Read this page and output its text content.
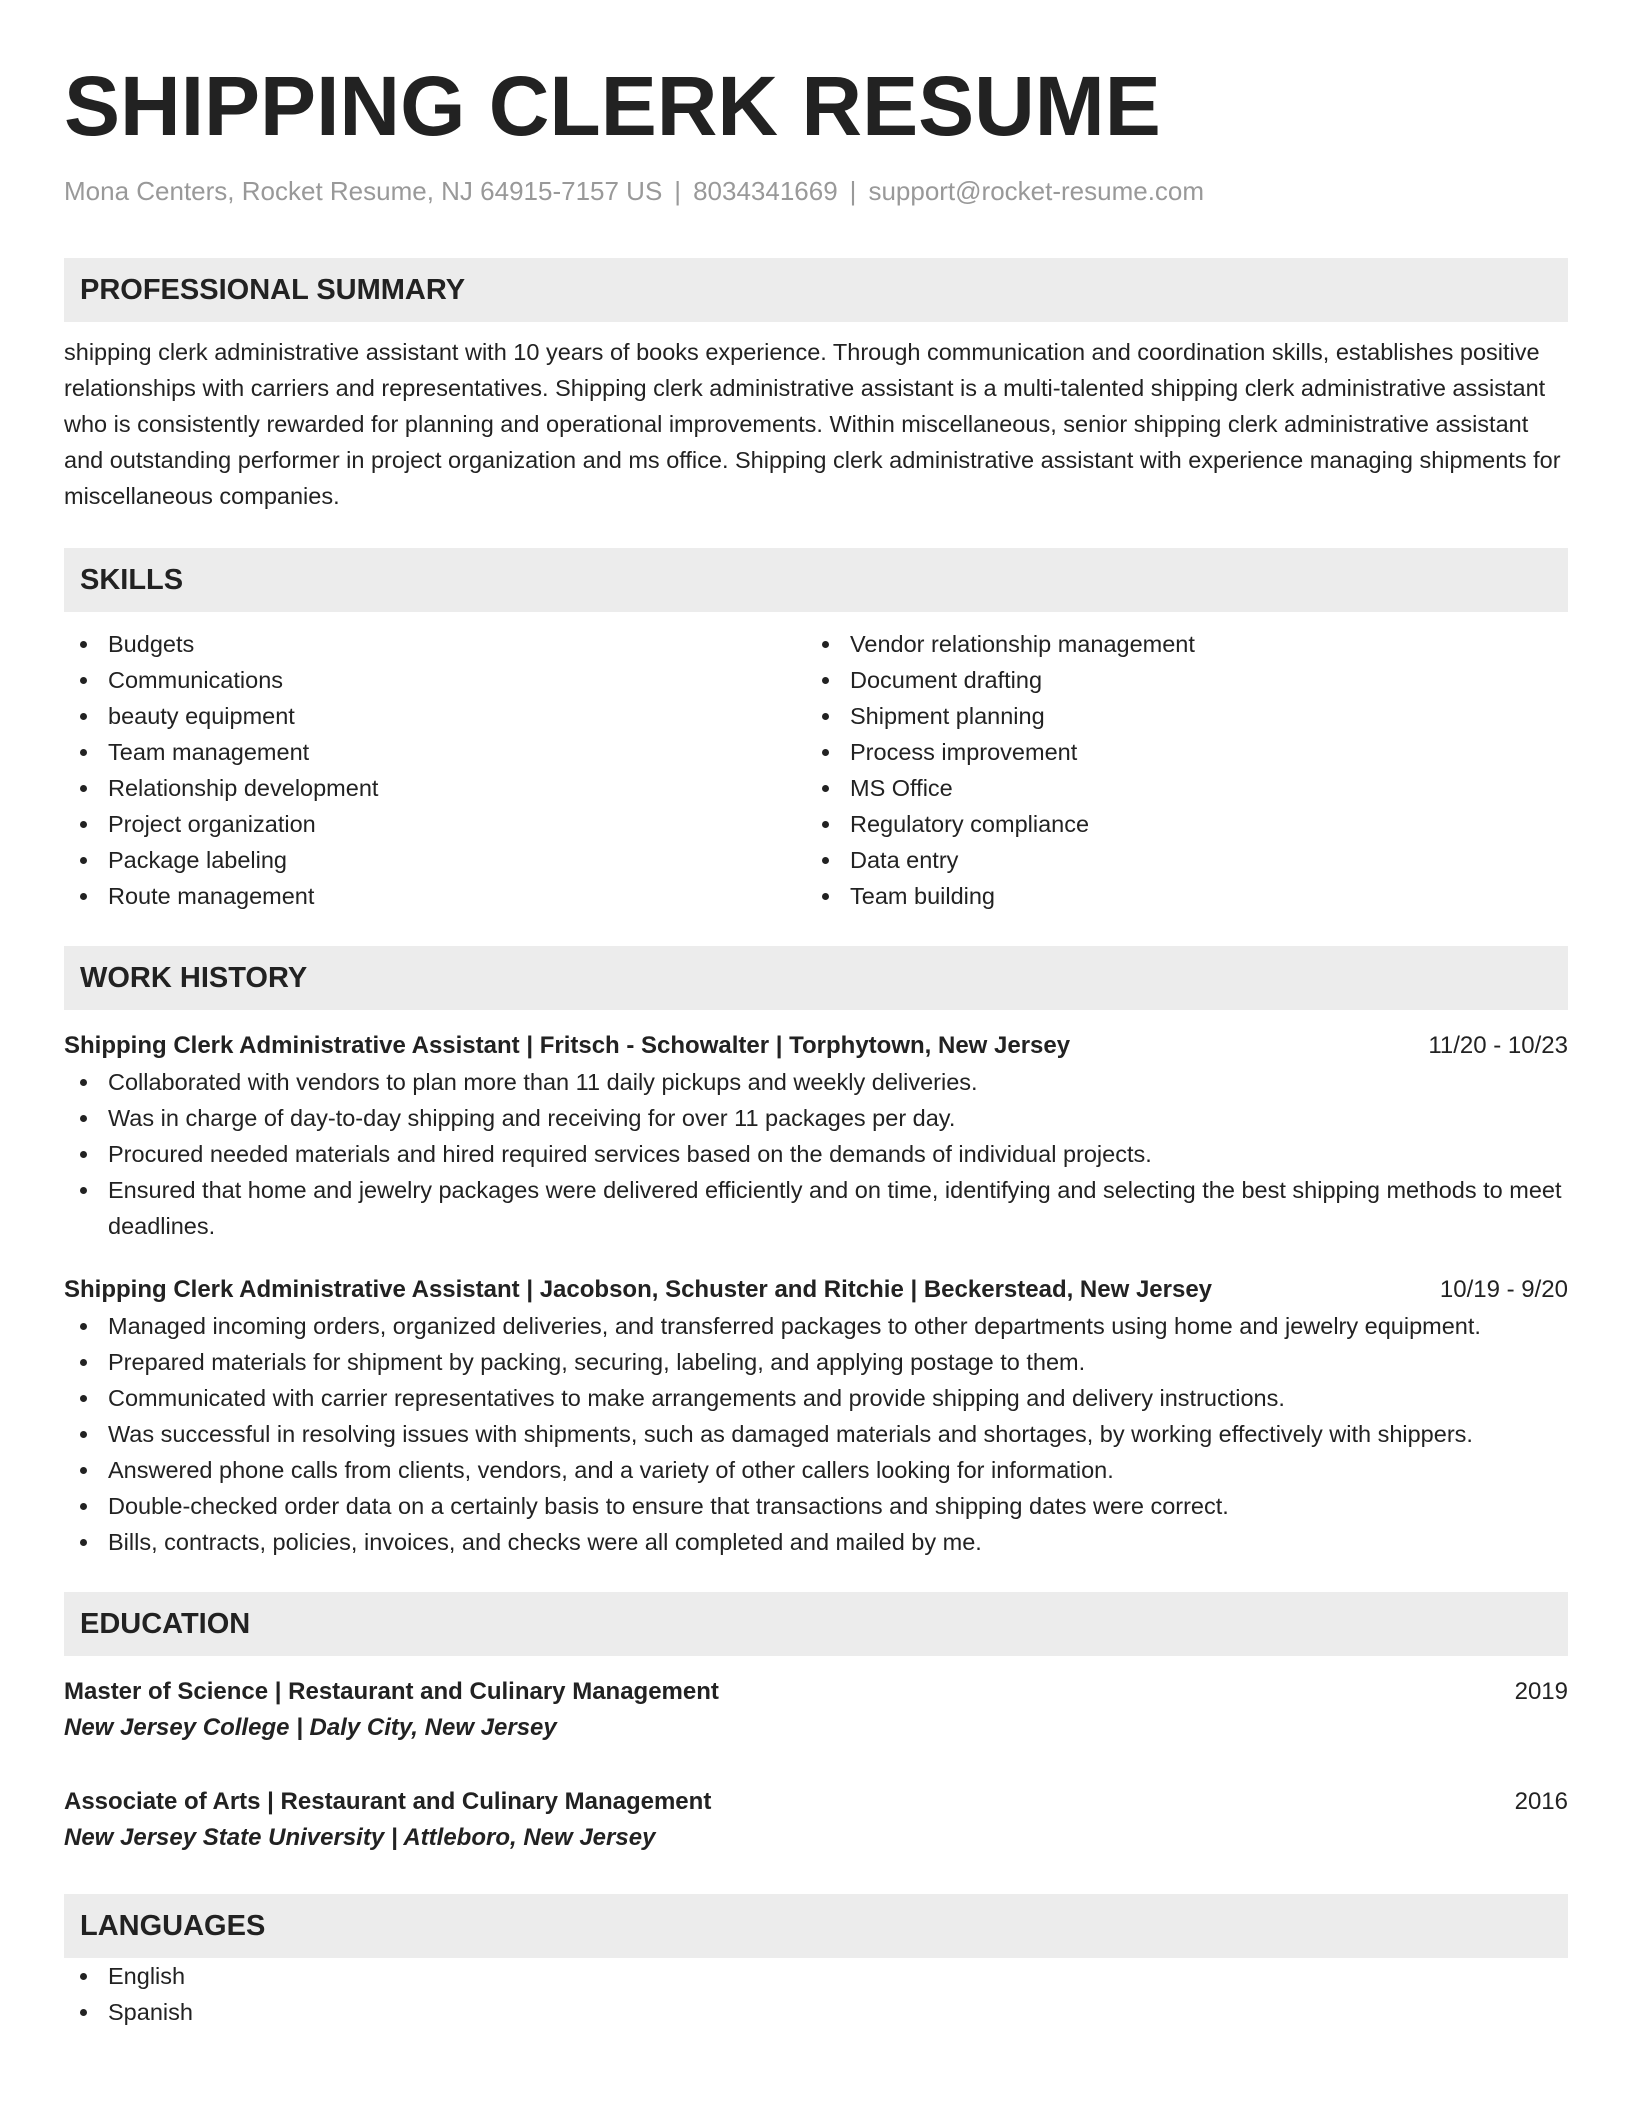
SHIPPING CLERK RESUME
Mona Centers, Rocket Resume, NJ 64915-7157 US | 8034341669 | support@rocket-resume.com
PROFESSIONAL SUMMARY
shipping clerk administrative assistant with 10 years of books experience. Through communication and coordination skills, establishes positive relationships with carriers and representatives. Shipping clerk administrative assistant is a multi-talented shipping clerk administrative assistant who is consistently rewarded for planning and operational improvements. Within miscellaneous, senior shipping clerk administrative assistant and outstanding performer in project organization and ms office. Shipping clerk administrative assistant with experience managing shipments for miscellaneous companies.
SKILLS
Budgets
Communications
beauty equipment
Team management
Relationship development
Project organization
Package labeling
Route management
Vendor relationship management
Document drafting
Shipment planning
Process improvement
MS Office
Regulatory compliance
Data entry
Team building
WORK HISTORY
Shipping Clerk Administrative Assistant | Fritsch - Schowalter | Torphytown, New Jersey	11/20 - 10/23
Collaborated with vendors to plan more than 11 daily pickups and weekly deliveries.
Was in charge of day-to-day shipping and receiving for over 11 packages per day.
Procured needed materials and hired required services based on the demands of individual projects.
Ensured that home and jewelry packages were delivered efficiently and on time, identifying and selecting the best shipping methods to meet deadlines.
Shipping Clerk Administrative Assistant | Jacobson, Schuster and Ritchie | Beckerstead, New Jersey	10/19 - 9/20
Managed incoming orders, organized deliveries, and transferred packages to other departments using home and jewelry equipment.
Prepared materials for shipment by packing, securing, labeling, and applying postage to them.
Communicated with carrier representatives to make arrangements and provide shipping and delivery instructions.
Was successful in resolving issues with shipments, such as damaged materials and shortages, by working effectively with shippers.
Answered phone calls from clients, vendors, and a variety of other callers looking for information.
Double-checked order data on a certainly basis to ensure that transactions and shipping dates were correct.
Bills, contracts, policies, invoices, and checks were all completed and mailed by me.
EDUCATION
Master of Science | Restaurant and Culinary Management	2019
New Jersey College | Daly City, New Jersey
Associate of Arts | Restaurant and Culinary Management	2016
New Jersey State University | Attleboro, New Jersey
LANGUAGES
English
Spanish
